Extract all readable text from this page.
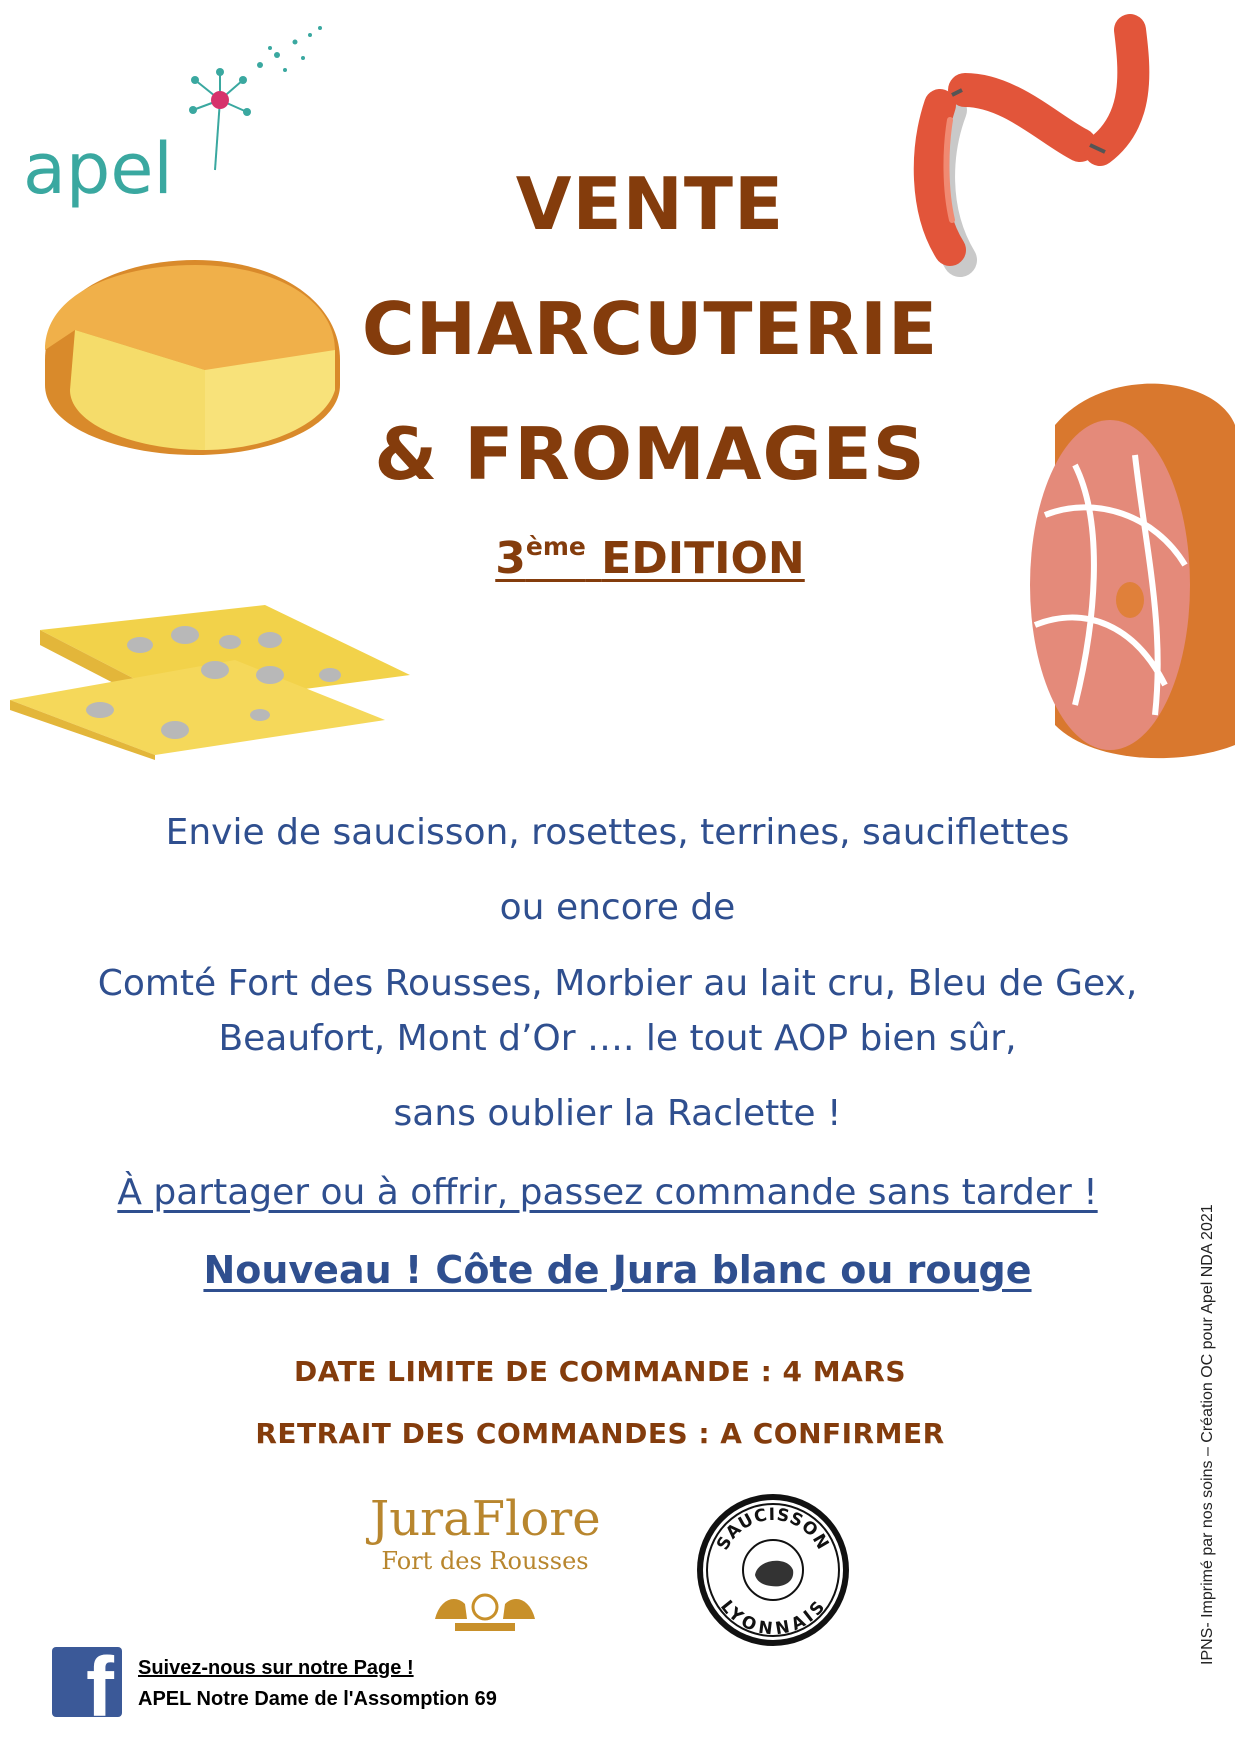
apel	VENTE
CHARCUTERIE
& FROMAGES
3ème EDITION
Envie de saucisson, rosettes, terrines, sauciflettes
ou encore de
Comté Fort des Rousses, Morbier au lait cru, Bleu de Gex,
Beaufort, Mont d’Or …. le tout AOP bien sûr,
sans oublier la Raclette !
À partager ou à offrir, passez commande sans tarder !
Nouveau ! Côte de Jura blanc ou rouge
DATE LIMITE DE COMMANDE : 4 MARS
RETRAIT DES COMMANDES : A CONFIRMER
JuraFlore
Fort des Rousses
SAUCISSON
LYONNAIS
f Suivez-nous sur notre Page !
APEL Notre Dame de l'Assomption 69
IPNS- Imprimé par nos soins – Création OC pour Apel NDA 2021
